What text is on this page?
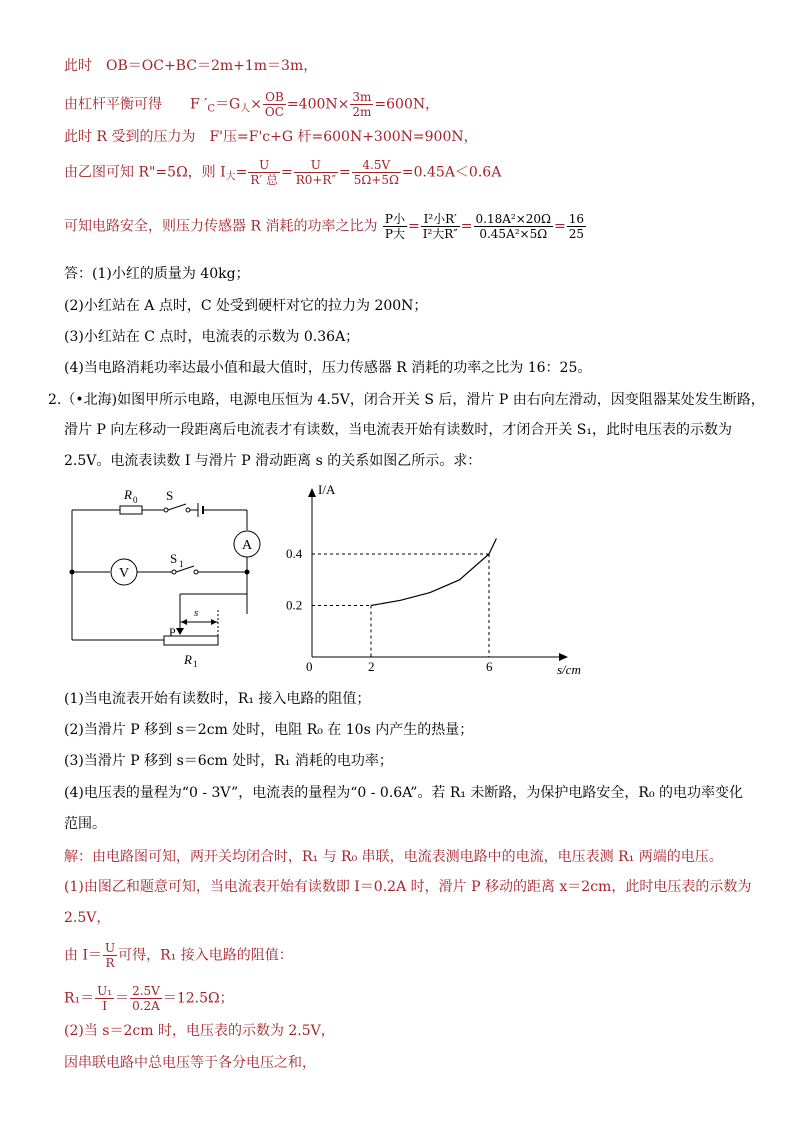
此时　OB＝OC+BC＝2m+1m＝3m，
由杠杆平衡可得　　F $'_C=G_人\times \frac{OB}{OC} =400N\times \frac{3m}{2m} =600N$，
此时 R 受到的压力为　F'压=F'c+G 杆=600N+300N=900N，
由乙图可知 R"=5Ω，则 $I_大= \frac{U}{\text{R′ 总}} = \frac{U}{R0+R''} = \frac{4.5V}{5\Omega+5\Omega} =0.45A<0.6A$
可知电路安全，则压力传感器 R 消耗的功率之比为 $\frac{\text{P小}}{\text{P大}} = \frac{\text{I²小R′}}{\text{I²大R″}} = \frac{\text{0.18A²×20Ω}}{\text{0.45A²×5Ω}} = \frac{16}{25}$
答：(1)小红的质量为 40kg；
(2)小红站在 A 点时，C 处受到硬杆对它的拉力为 200N；
(3)小红站在 C 点时，电流表的示数为 0.36A；
(4)当电路消耗功率达最小值和最大值时，压力传感器 R 消耗的功率之比为 16：25。
2.（•北海)如图甲所示电路，电源电压恒为 4.5V，闭合开关 S 后，滑片 P 由右向左滑动，因变阻器某处发生断路，
滑片 P 向左移动一段距离后电流表才有读数，当电流表开始有读数时，才闭合开关 S₁，此时电压表的示数为
2.5V。电流表读数 I 与滑片 P 滑动距离 s 的关系如图乙所示。求：
R 0 S
S 1
A
V
P
s
R 1
I/A
s/cm
0	2	6
0.2
0.4
(1)当电流表开始有读数时，R₁ 接入电路的阻值；
(2)当滑片 P 移到 s＝2cm 处时，电阻 R₀ 在 10s 内产生的热量；
(3)当滑片 P 移到 s＝6cm 处时，R₁ 消耗的电功率；
(4)电压表的量程为“0 - 3V”，电流表的量程为“0 - 0.6A”。若 R₁ 未断路，为保护电路安全，R₀ 的电功率变化
范围。
解：由电路图可知，两开关均闭合时，R₁ 与 R₀ 串联，电流表测电路中的电流，电压表测 R₁ 两端的电压。
(1)由图乙和题意可知，当电流表开始有读数即 I＝0.2A 时，滑片 P 移动的距离 x＝2cm，此时电压表的示数为
2.5V，
由 $I= \frac{U}{R}$ 可得，R₁ 接入电路的阻值：
$R_1= \frac{\text{U₁}}{I} = \frac{2.5V}{0.2A} =12.5\Omega$；
(2)当 s＝2cm 时，电压表的示数为 2.5V，
因串联电路中总电压等于各分电压之和，
